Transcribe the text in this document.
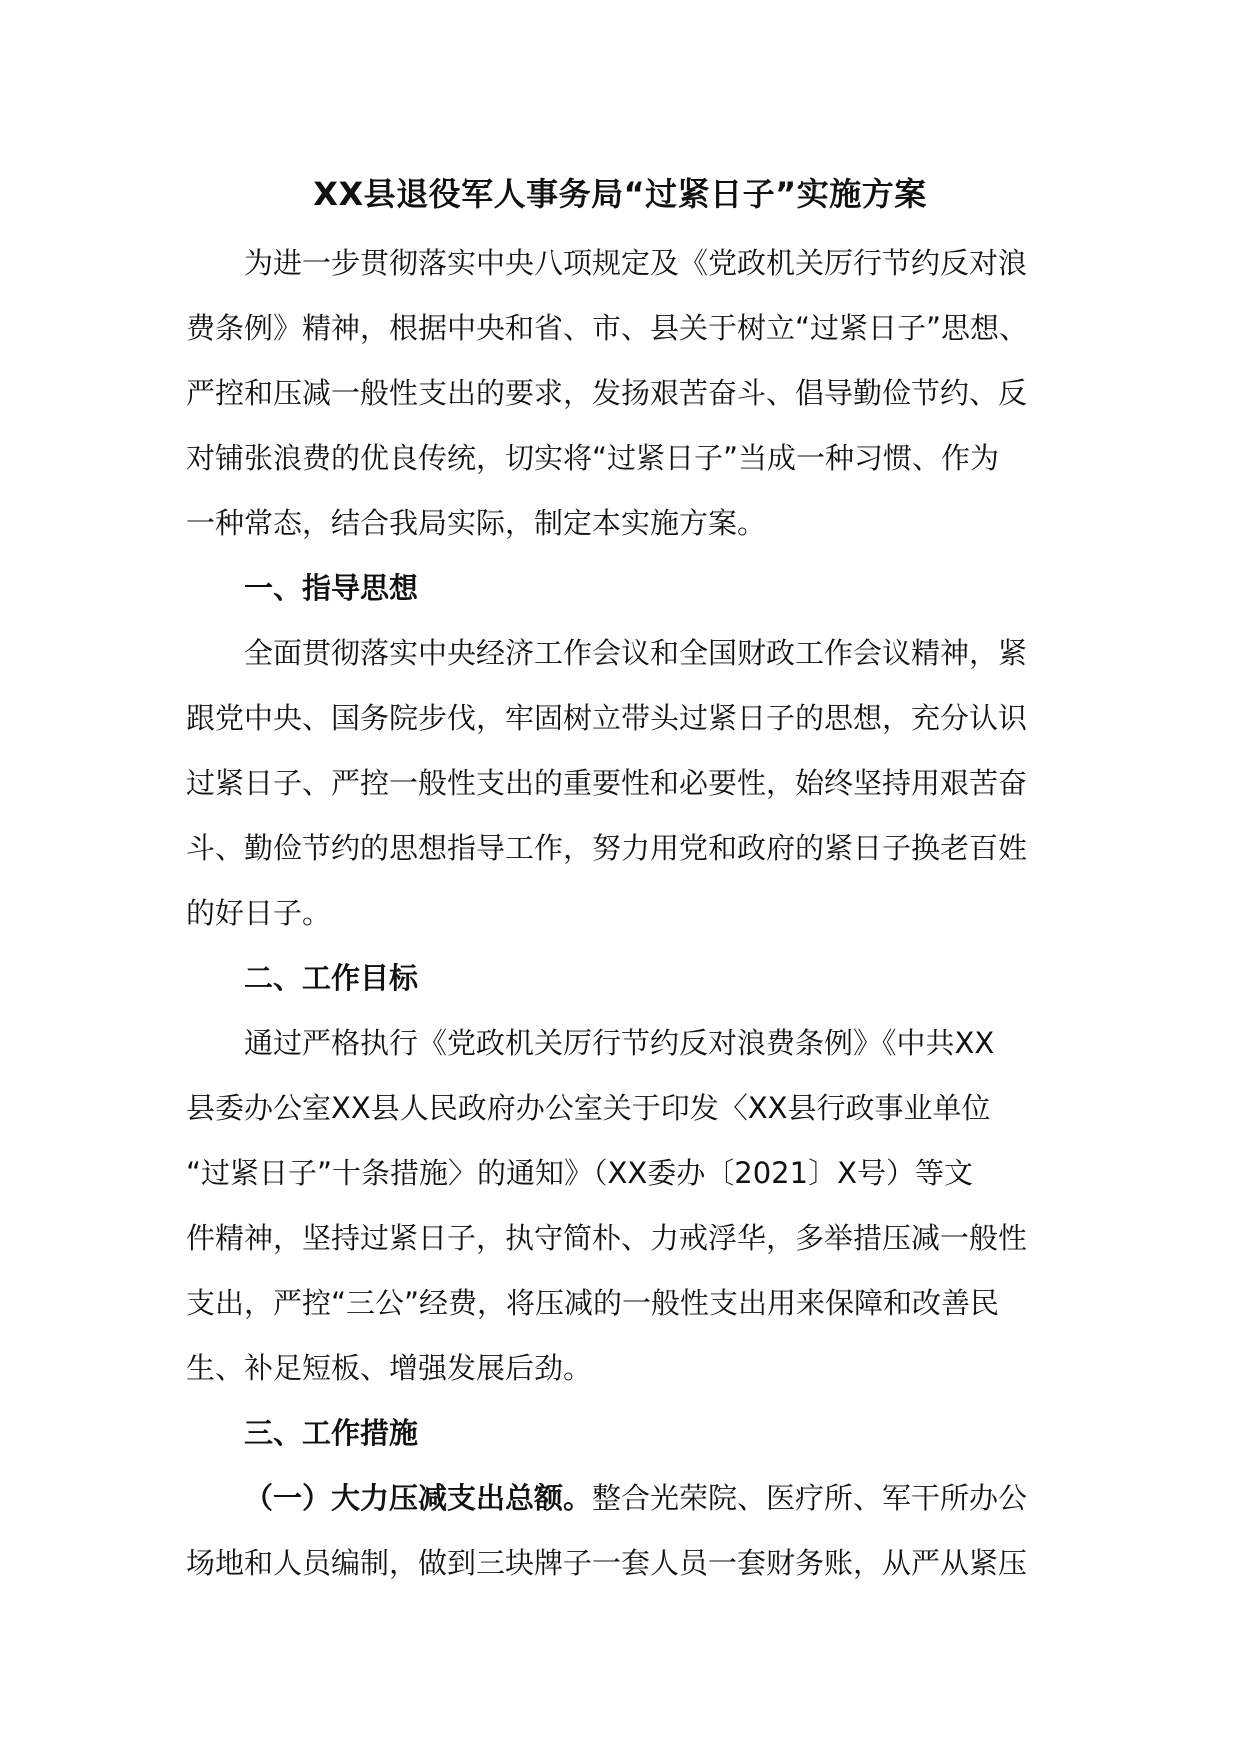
XX县退役军人事务局“过紧日子”实施方案
为进一步贯彻落实中央八项规定及《党政机关厉行节约反对浪
费条例》精神，根据中央和省、市、县关于树立“过紧日子”思想、
严控和压减一般性支出的要求，发扬艰苦奋斗、倡导勤俭节约、反
对铺张浪费的优良传统，切实将“过紧日子”当成一种习惯、作为
一种常态，结合我局实际，制定本实施方案。
一、指导思想
全面贯彻落实中央经济工作会议和全国财政工作会议精神，紧
跟党中央、国务院步伐，牢固树立带头过紧日子的思想，充分认识
过紧日子、严控一般性支出的重要性和必要性，始终坚持用艰苦奋
斗、勤俭节约的思想指导工作，努力用党和政府的紧日子换老百姓
的好日子。
二、工作目标
通过严格执行《党政机关厉行节约反对浪费条例》《中共XX
县委办公室XX县人民政府办公室关于印发〈XX县行政事业单位
“过紧日子”十条措施〉的通知》（XX委办〔2021〕X号）等文
件精神，坚持过紧日子，执守简朴、力戒浮华，多举措压减一般性
支出，严控“三公”经费，将压减的一般性支出用来保障和改善民
生、补足短板、增强发展后劲。
三、工作措施
（一）大力压减支出总额。整合光荣院、医疗所、军干所办公
场地和人员编制，做到三块牌子一套人员一套财务账，从严从紧压
